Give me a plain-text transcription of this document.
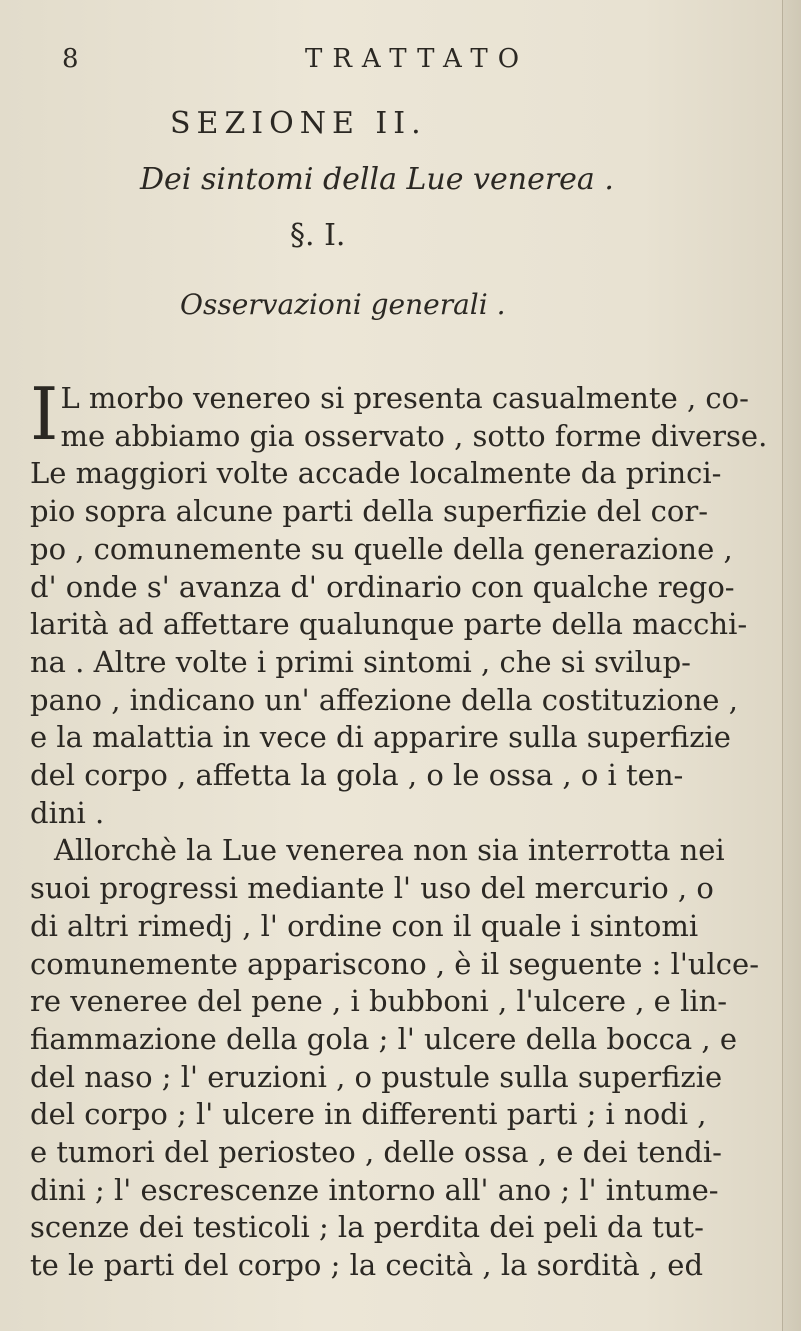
8	TRATTATO
SEZIONE II.
Dei sintomi della Lue venerea .
§. I.
Osservazioni generali .
I L morbo venereo si presenta casualmente , co-
me abbiamo gia osservato , sotto forme diverse.
Le maggiori volte accade localmente da princi-
pio sopra alcune parti della superfizie del cor-
po , comunemente su quelle della generazione ,
d' onde s' avanza d' ordinario con qualche rego-
larità ad affettare qualunque parte della macchi-
na . Altre volte i primi sintomi , che si svilup-
pano , indicano un' affezione della costituzione ,
e la malattia in vece di apparire sulla superfizie
del corpo , affetta la gola , o le ossa , o i ten-
dini .
Allorchè la Lue venerea non sia interrotta nei
suoi progressi mediante l' uso del mercurio , o
di altri rimedj , l' ordine con il quale i sintomi
comunemente appariscono , è il seguente : l'ulce-
re veneree del pene , i bubboni , l'ulcere , e lin-
fiammazione della gola ; l' ulcere della bocca , e
del naso ; l' eruzioni , o pustule sulla superfizie
del corpo ; l' ulcere in differenti parti ; i nodi ,
e tumori del periosteo , delle ossa , e dei tendi-
dini ; l' escrescenze intorno all' ano ; l' intume-
scenze dei testicoli ; la perdita dei peli da tut-
te le parti del corpo ; la cecità , la sordità , ed
